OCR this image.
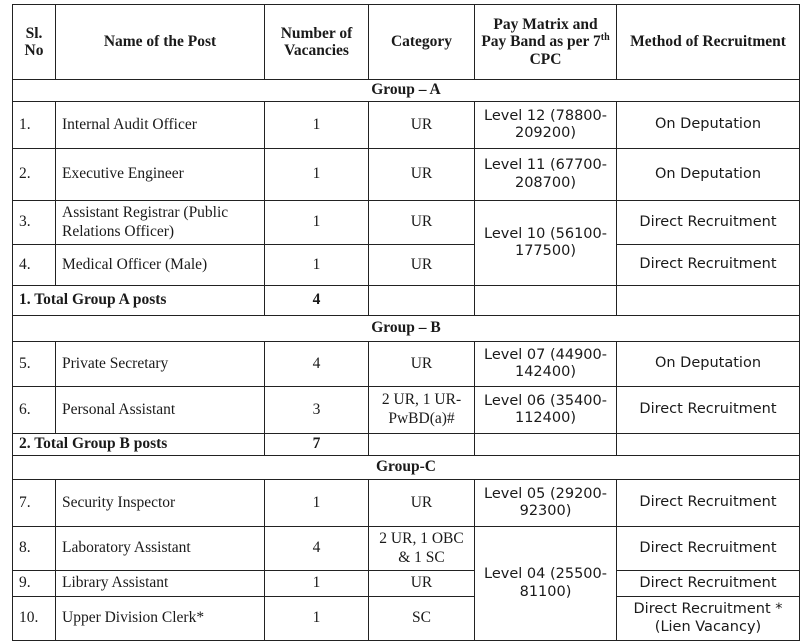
Sl. No	Name of the Post	Number of Vacancies	Category	Pay Matrix and Pay Band as per 7th CPC	Method of Recruitment
Group – A					
1.	Internal Audit Officer	1	UR	Level 12 (78800-209200)	On Deputation
2.	Executive Engineer	1	UR	Level 11 (67700-208700)	On Deputation
3.	Assistant Registrar (Public Relations Officer)	1	UR	Level 10 (56100-177500)	Direct Recruitment
4.	Medical Officer (Male)	1	UR		Direct Recruitment
1. Total Group A posts		4			
Group – B					
5.	Private Secretary	4	UR	Level 07 (44900-142400)	On Deputation
6.	Personal Assistant	3	2 UR, 1 UR-PwBD(a)#	Level 06 (35400-112400)	Direct Recruitment
2. Total Group B posts		7			
Group-C					
7.	Security Inspector	1	UR	Level 05 (29200-92300)	Direct Recruitment
8.	Laboratory Assistant	4	2 UR, 1 OBC & 1 SC	Level 04 (25500-81100)	Direct Recruitment
9.	Library Assistant	1	UR		Direct Recruitment
10.	Upper Division Clerk*	1	SC		Direct Recruitment *(Lien Vacancy)
